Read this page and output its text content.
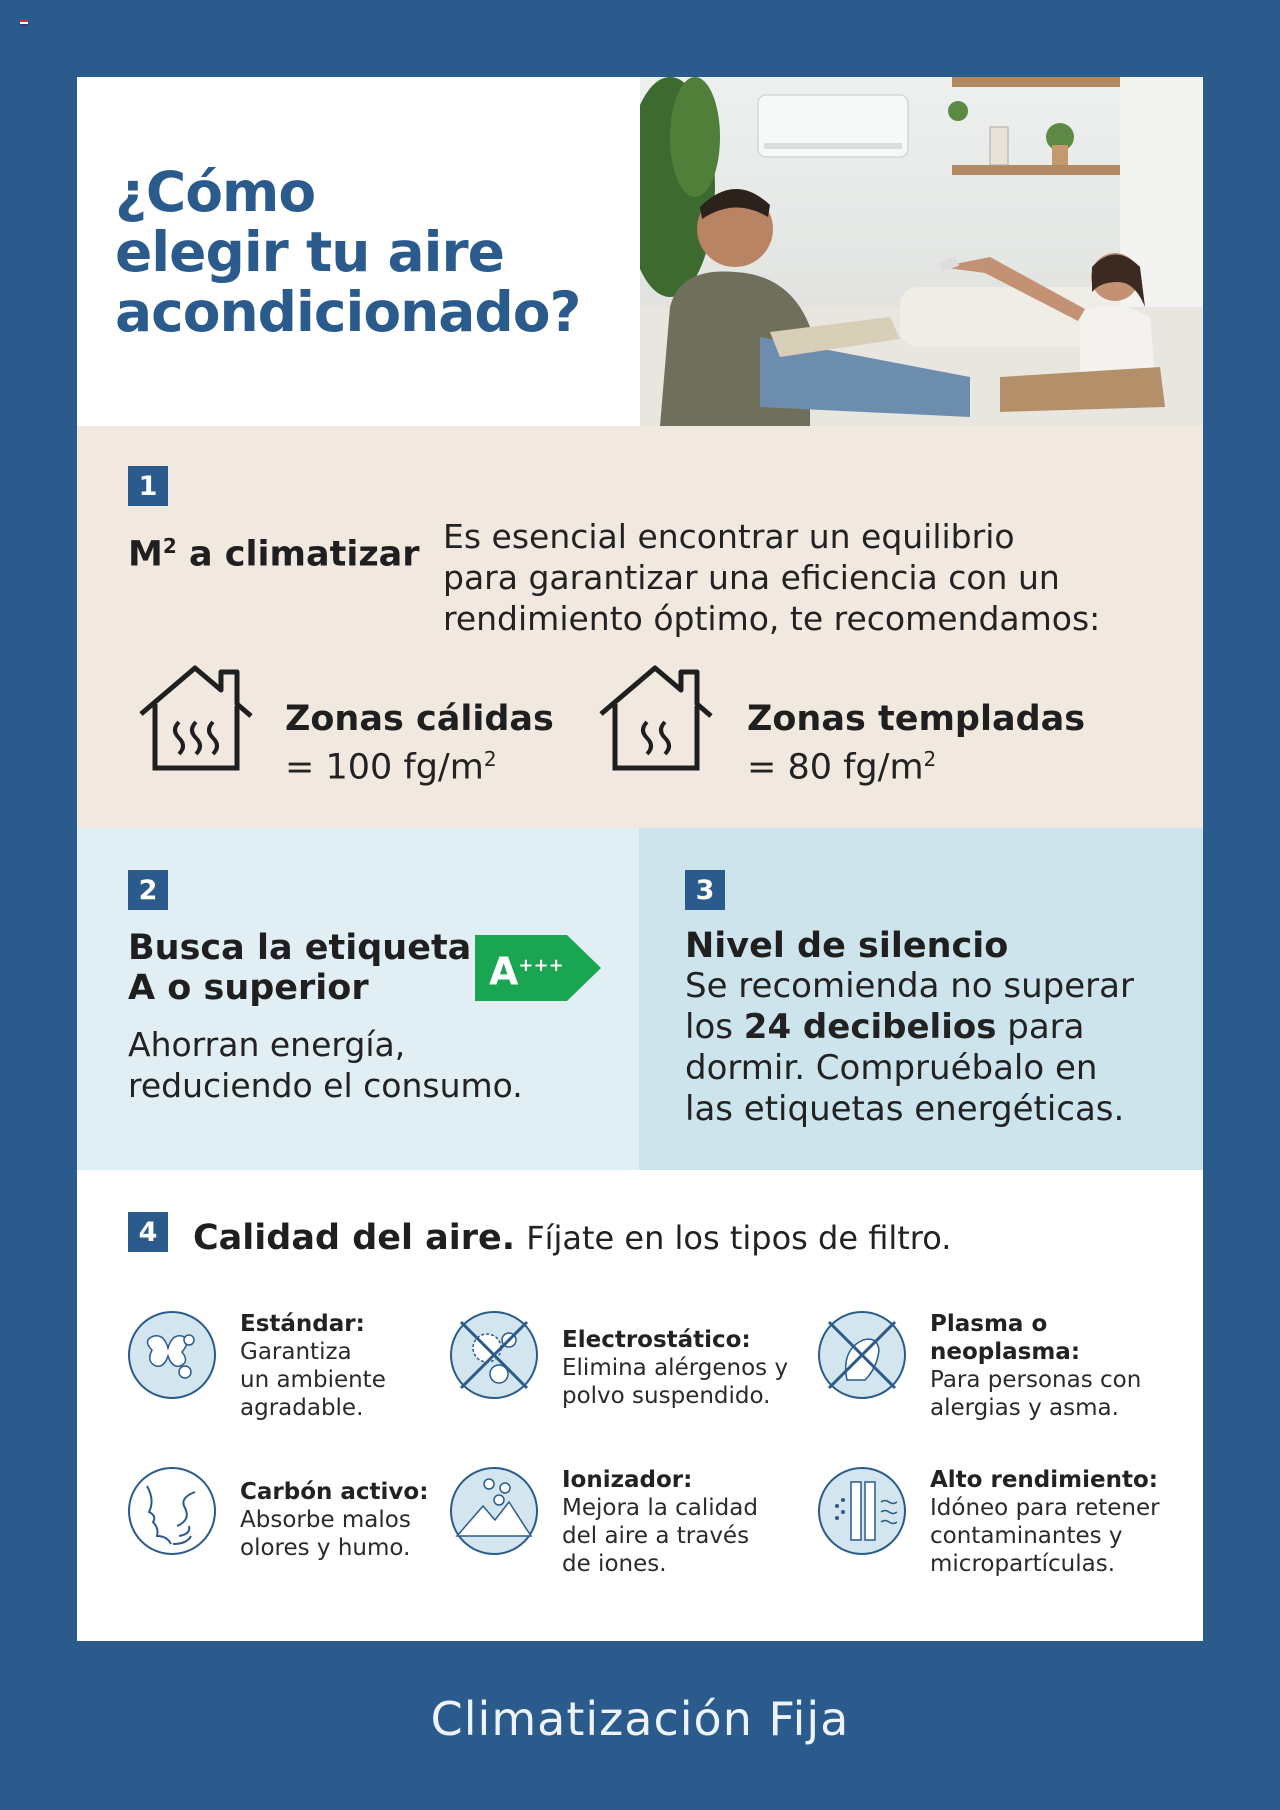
¿Cómo
elegir tu aire
acondicionado?
1
$M^2$ a climatizar Es esencial encontrar un equilibrio
para garantizar una eficiencia con un
rendimiento óptimo, te recomendamos:
Zonas cálidas
= 100 $fg/m^2$
Zonas templadas
= 80 $fg/m^2$
2
Busca la etiqueta
A o superior	A+++
Ahorran energía,
reduciendo el consumo.
3
Nivel de silencio
Se recomienda no superar
los 24 decibelios para
dormir. Compruébalo en
las etiquetas energéticas.
4	Calidad del aire. Fíjate en los tipos de filtro.
Estándar:
Garantiza
un ambiente
agradable.
Electrostático:
Elimina alérgenos y
polvo suspendido.
Plasma o
neoplasma:
Para personas con
alergias y asma.
Carbón activo:
Absorbe malos
olores y humo.
Ionizador:
Mejora la calidad
del aire a través
de iones.
Alto rendimiento:
Idóneo para retener
contaminantes y
micropartículas.
Climatización Fija
